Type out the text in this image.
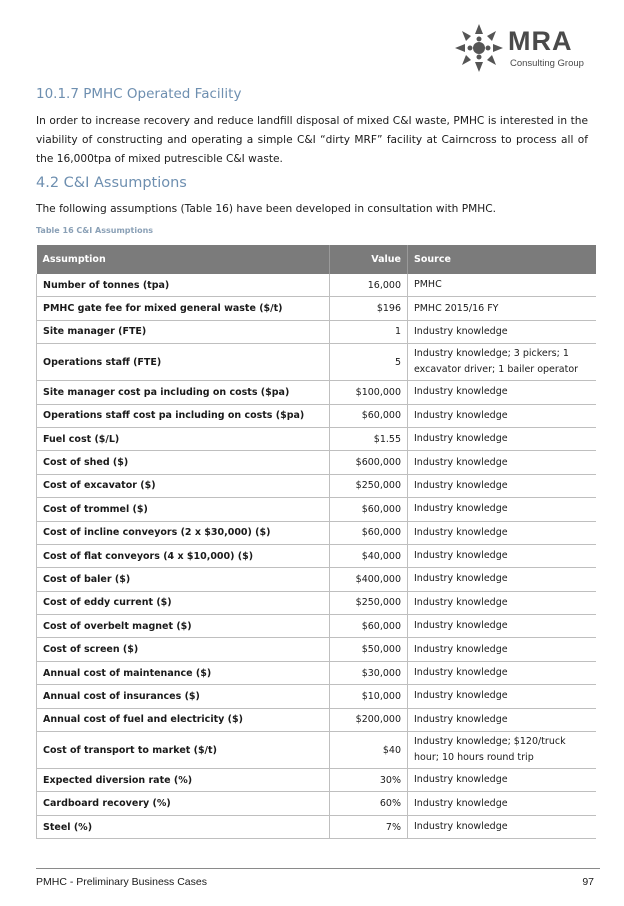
MRA
Consulting Group
10.1.7 PMHC Operated Facility
In order to increase recovery and reduce landfill disposal of mixed C&I waste, PMHC is interested in the viability of constructing and operating a simple C&I “dirty MRF” facility at Cairncross to process all of the 16,000tpa of mixed putrescible C&I waste.
4.2 C&I Assumptions
The following assumptions (Table 16) have been developed in consultation with PMHC.
Table 16 C&I Assumptions
Assumption	Value	Source
Number of tonnes (tpa)	16,000	PMHC
PMHC gate fee for mixed general waste ($/t)	$196	PMHC 2015/16 FY
Site manager (FTE)	1	Industry knowledge
Operations staff (FTE)	5	Industry knowledge; 3 pickers; 1 excavator driver; 1 bailer operator
Site manager cost pa including on costs ($pa)	$100,000	Industry knowledge
Operations staff cost pa including on costs ($pa)	$60,000	Industry knowledge
Fuel cost ($/L)	$1.55	Industry knowledge
Cost of shed ($)	$600,000	Industry knowledge
Cost of excavator ($)	$250,000	Industry knowledge
Cost of trommel ($)	$60,000	Industry knowledge
Cost of incline conveyors (2 x $30,000) ($)	$60,000	Industry knowledge
Cost of flat conveyors (4 x $10,000) ($)	$40,000	Industry knowledge
Cost of baler ($)	$400,000	Industry knowledge
Cost of eddy current ($)	$250,000	Industry knowledge
Cost of overbelt magnet ($)	$60,000	Industry knowledge
Cost of screen ($)	$50,000	Industry knowledge
Annual cost of maintenance ($)	$30,000	Industry knowledge
Annual cost of insurances ($)	$10,000	Industry knowledge
Annual cost of fuel and electricity ($)	$200,000	Industry knowledge
Cost of transport to market ($/t)	$40	Industry knowledge; $120/truck hour; 10 hours round trip
Expected diversion rate (%)	30%	Industry knowledge
Cardboard recovery (%)	60%	Industry knowledge
Steel (%)	7%	Industry knowledge
PMHC - Preliminary Business Cases	97
